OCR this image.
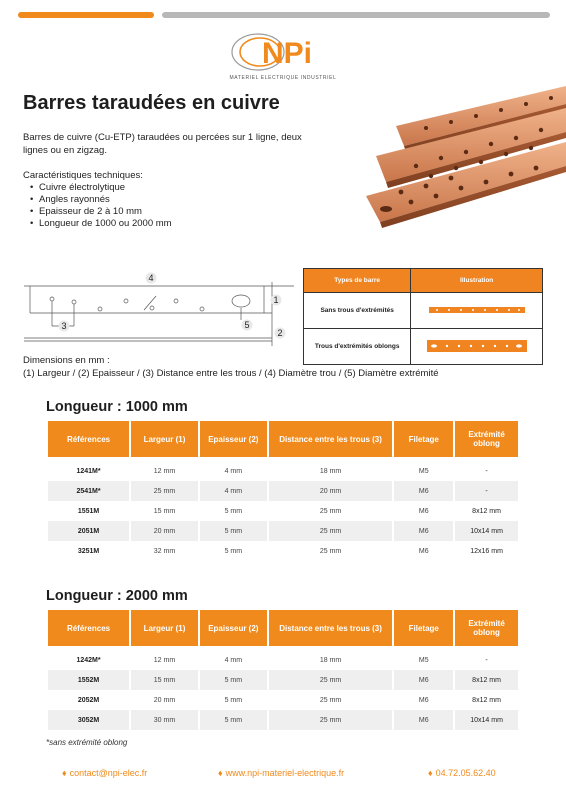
NPi
MATERIEL ELECTRIQUE INDUSTRIEL
Barres taraudées en cuivre

Barres de cuivre (Cu-ETP) taraudées ou percées sur 1 ligne, deux lignes ou en zigzag.

Caractéristiques techniques:

• Cuivre électrolytique
• Angles rayonnés
• Epaisseur de 2 à 10 mm
• Longueur de 1000 ou 2000 mm
4
1
3	5
2
Types de barre	Illustration
Sans trous d'extrémités	
Trous d'extrémités oblongs	
Dimensions en mm :
(1) Largeur / (2) Epaisseur / (3) Distance entre les trous / (4) Diamètre trou / (5) Diamètre extrémité
Longueur : 1000 mm
Références	Largeur (1)	Epaisseur (2)	Distance entre les trous (3)	Filetage	Extrémité oblong

1241M*	12 mm	4 mm	18 mm	M5	-
2541M*	25 mm	4 mm	20 mm	M6	-
1551M	15 mm	5 mm	25 mm	M6	8x12 mm
2051M	20 mm	5 mm	25 mm	M6	10x14 mm
3251M	32 mm	5 mm	25 mm	M6	12x16 mm
Longueur : 2000 mm
Références	Largeur (1)	Epaisseur (2)	Distance entre les trous (3)	Filetage	Extrémité oblong

1242M*	12 mm	4 mm	18 mm	M5	-
1552M	15 mm	5 mm	25 mm	M6	8x12 mm
2052M	20 mm	5 mm	25 mm	M6	8x12 mm
3052M	30 mm	5 mm	25 mm	M6	10x14 mm
*sans extrémité oblong
♦ contact@npi-elec.fr	♦ www.npi-materiel-electrique.fr	♦ 04.72.05.62.40
